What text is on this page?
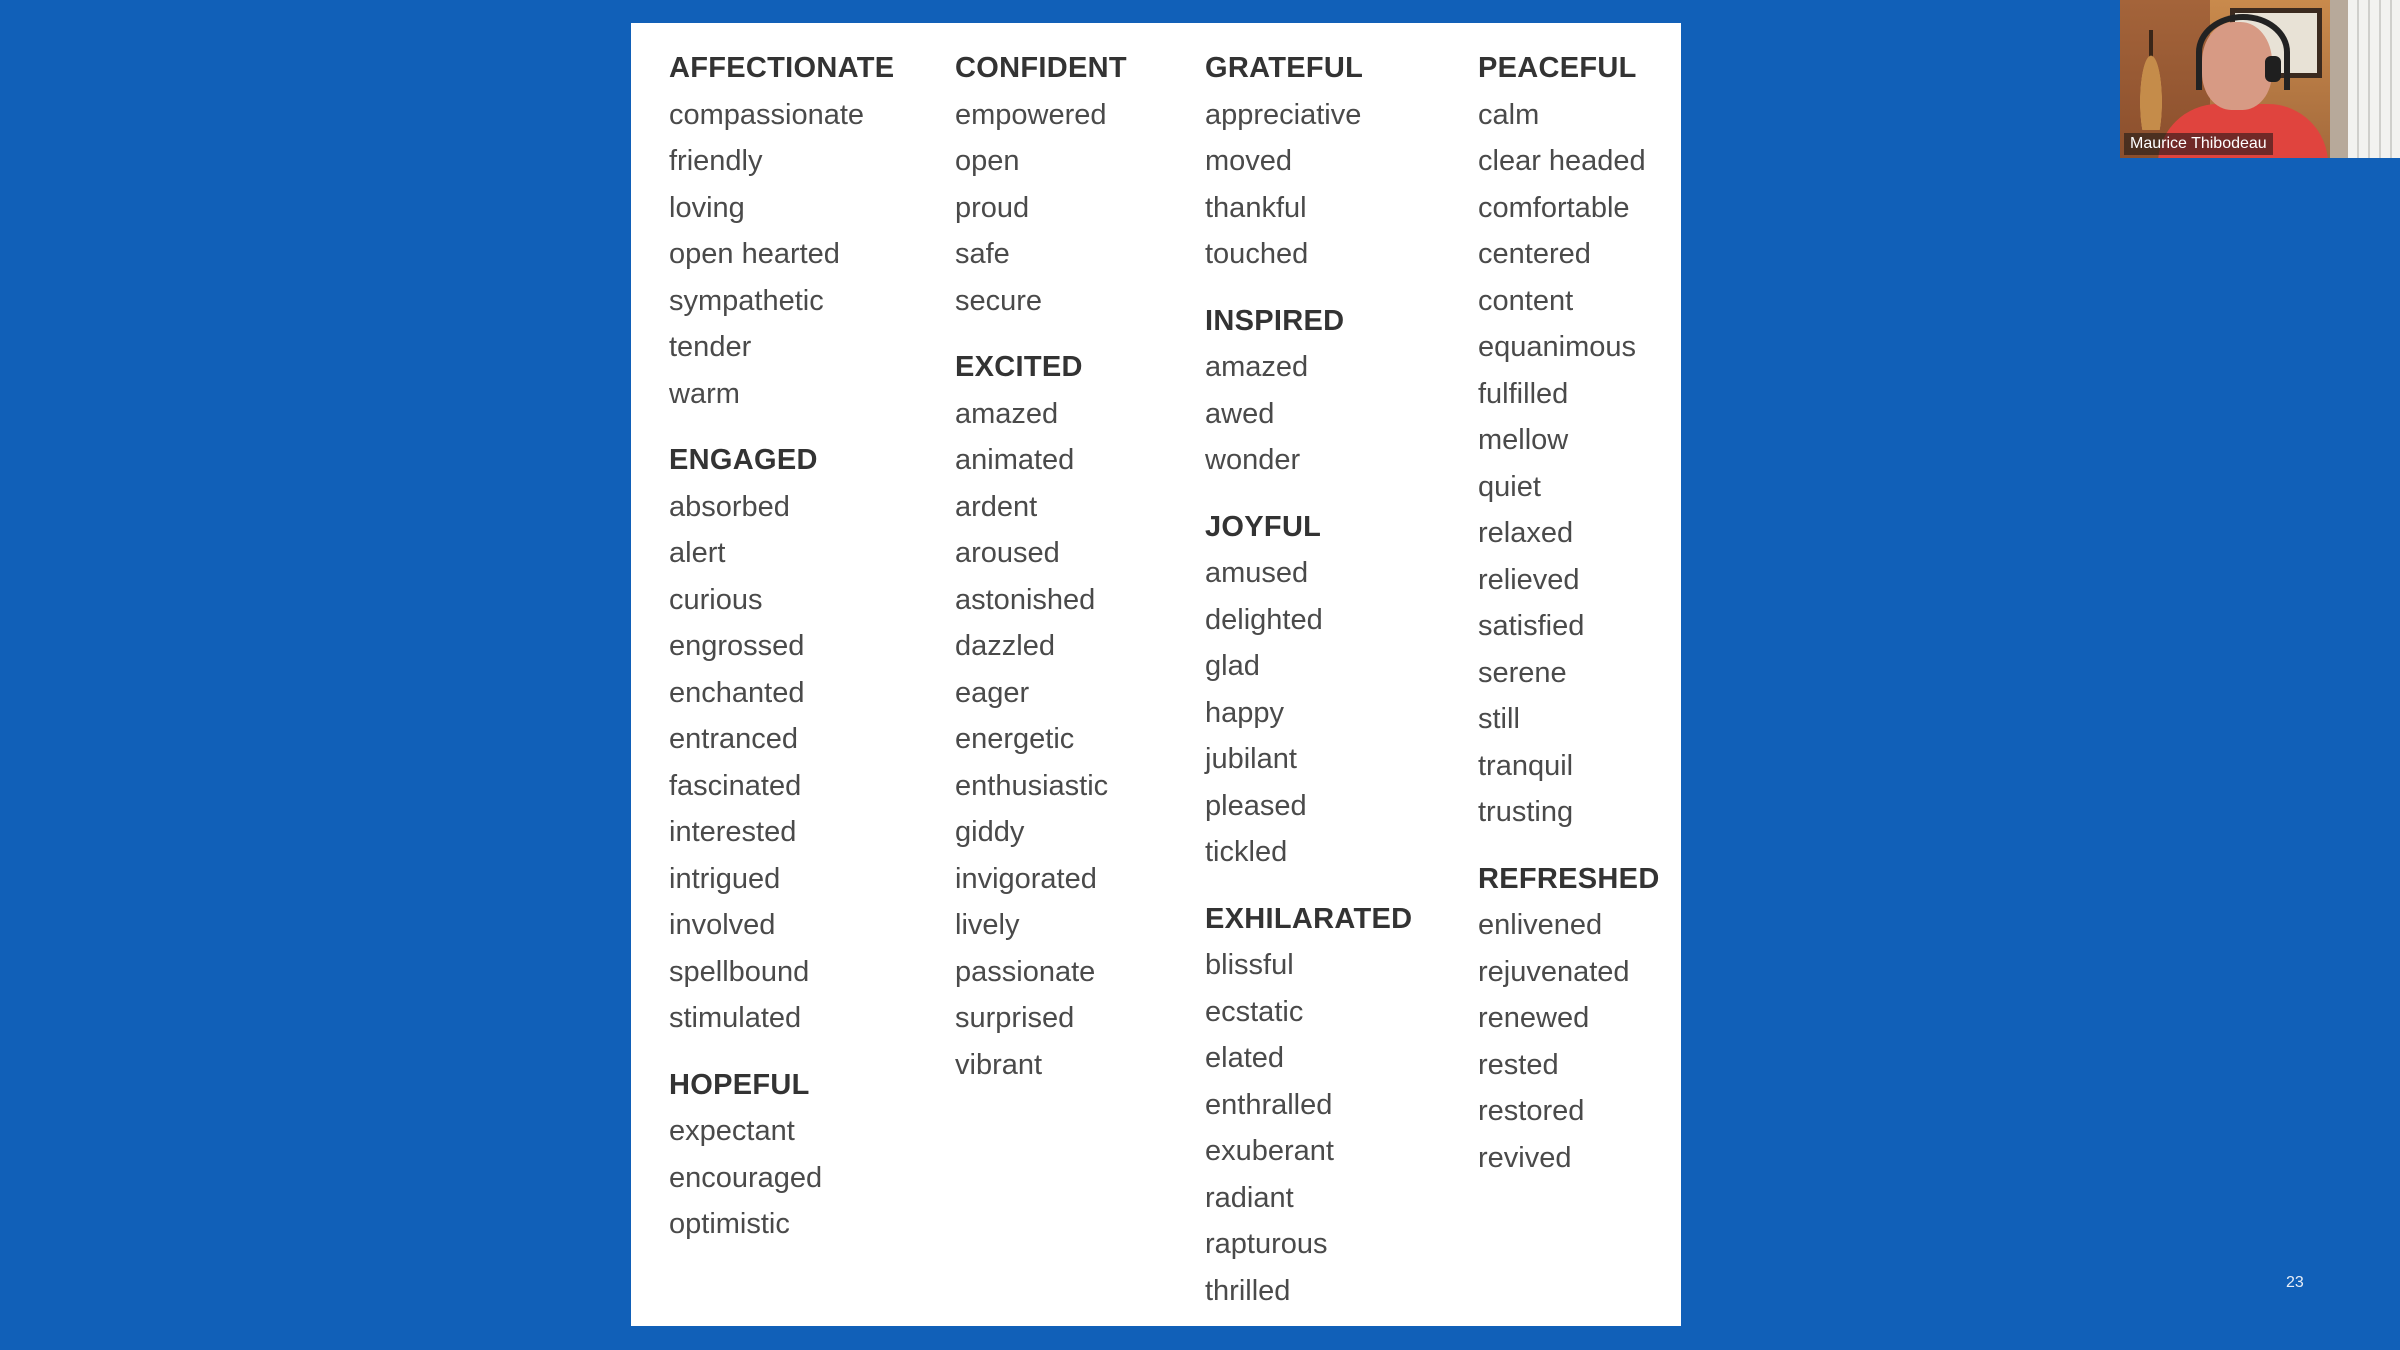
AFFECTIONATE
compassionate
friendly
loving
open hearted
sympathetic
tender
warm
ENGAGED
absorbed
alert
curious
engrossed
enchanted
entranced
fascinated
interested
intrigued
involved
spellbound
stimulated
HOPEFUL
expectant
encouraged
optimistic
CONFIDENT
empowered
open
proud
safe
secure
EXCITED
amazed
animated
ardent
aroused
astonished
dazzled
eager
energetic
enthusiastic
giddy
invigorated
lively
passionate
surprised
vibrant
GRATEFUL
appreciative
moved
thankful
touched
INSPIRED
amazed
awed
wonder
JOYFUL
amused
delighted
glad
happy
jubilant
pleased
tickled
EXHILARATED
blissful
ecstatic
elated
enthralled
exuberant
radiant
rapturous
thrilled
PEACEFUL
calm
clear headed
comfortable
centered
content
equanimous
fulfilled
mellow
quiet
relaxed
relieved
satisfied
serene
still
tranquil
trusting
REFRESHED
enlivened
rejuvenated
renewed
rested
restored
revived
Maurice Thibodeau
23
